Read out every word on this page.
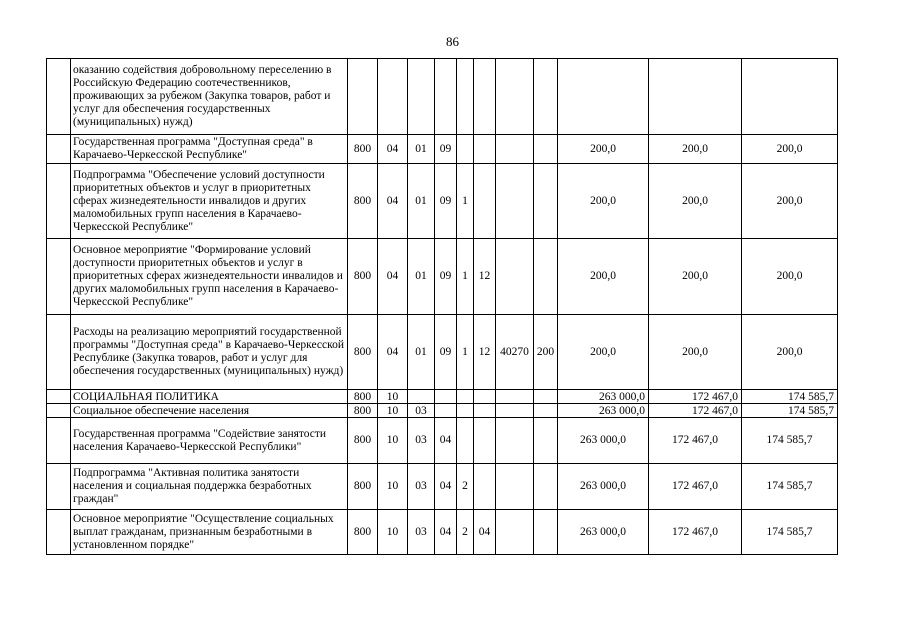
86
	оказанию содействия добровольному переселению в Российскую Федерацию соотечественников, проживающих за рубежом (Закупка товаров, работ и услуг для обеспечения государственных (муниципальных) нужд)											
	Государственная программа "Доступная среда" в Карачаево-Черкесской Республике"	800	04	01	09					200,0	200,0	200,0
	Подпрограмма "Обеспечение условий доступности приоритетных объектов и услуг в приоритетных сферах жизнедеятельности инвалидов и других маломобильных групп населения в Карачаево-Черкесской Республике"	800	04	01	09	1				200,0	200,0	200,0
	Основное мероприятие "Формирование условий доступности приоритетных объектов и услуг в приоритетных сферах жизнедеятельности инвалидов и других маломобильных групп населения в Карачаево-Черкесской Республике"	800	04	01	09	1	12			200,0	200,0	200,0
	Расходы на реализацию мероприятий государственной программы "Доступная среда" в Карачаево-Черкесской Республике (Закупка товаров, работ и услуг для обеспечения государственных (муниципальных) нужд)	800	04	01	09	1	12	40270	200	200,0	200,0	200,0
	СОЦИАЛЬНАЯ ПОЛИТИКА	800	10							263 000,0	172 467,0	174 585,7
	Социальное обеспечение населения	800	10	03						263 000,0	172 467,0	174 585,7
	Государственная программа "Содействие занятости населения Карачаево-Черкесской Республики"	800	10	03	04					263 000,0	172 467,0	174 585,7
	Подпрограмма "Активная политика занятости населения и социальная поддержка безработных граждан"	800	10	03	04	2				263 000,0	172 467,0	174 585,7
	Основное мероприятие "Осуществление социальных выплат гражданам, признанным безработными в установленном порядке"	800	10	03	04	2	04			263 000,0	172 467,0	174 585,7
